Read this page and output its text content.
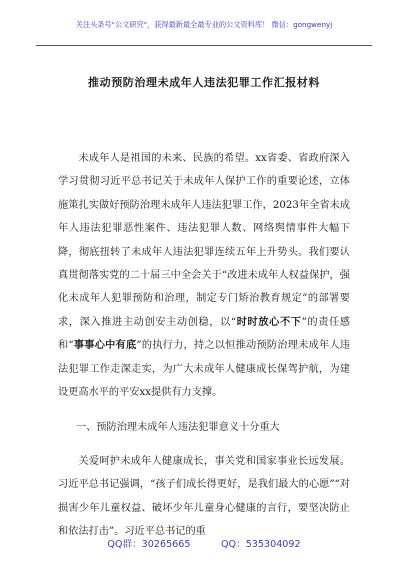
关注头条号"公文研究"，获得最新最全最专业的公文资料库！ 微信：gongwenyj
推动预防治理未成年人违法犯罪工作汇报材料

未成年人是祖国的未来、民族的希望。xx省委、省政府深入学习贯彻习近平总书记关于未成年人保护工作的重要论述，立体施策扎实做好预防治理未成年人违法犯罪工作，2023年全省未成年人违法犯罪恶性案件、违法犯罪人数、网络舆情事件大幅下降，彻底扭转了未成年人违法犯罪连续五年上升势头。我们要认真贯彻落实党的二十届三中全会关于“改进未成年人权益保护，强化未成年人犯罪预防和治理，制定专门矫治教育规定”的部署要求，深入推进主动创安主动创稳，以“时时放心不下”的责任感和“事事心中有底”的执行力，持之以恒推动预防治理未成年人违法犯罪工作走深走实，为广大未成年人健康成长保驾护航，为建设更高水平的平安xx提供有力支撑。

一、预防治理未成年人违法犯罪意义十分重大

关爱呵护未成年人健康成长，事关党和国家事业长远发展。习近平总书记强调，“孩子们成长得更好，是我们最大的心愿”“对损害少年儿童权益、破坏少年儿童身心健康的言行，要坚决防止和依法打击”。习近平总书记的重

QQ群：30265665          QQ：535304092
